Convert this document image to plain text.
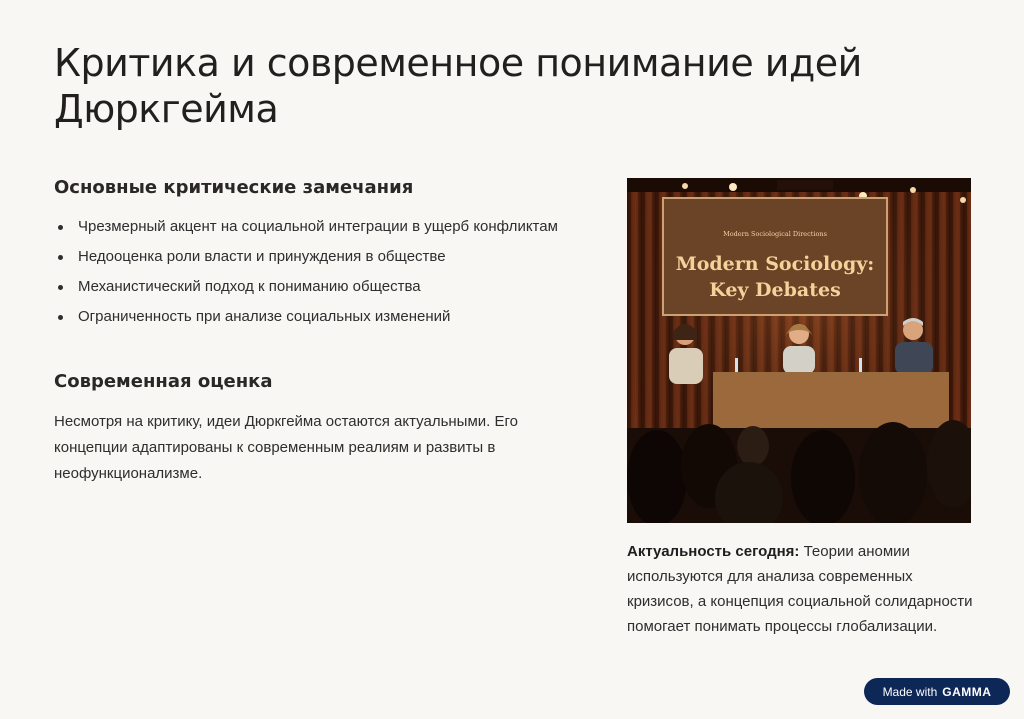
Критика и современное понимание идей Дюркгейма
Основные критические замечания
Чрезмерный акцент на социальной интеграции в ущерб конфликтам
Недооценка роли власти и принуждения в обществе
Механистический подход к пониманию общества
Ограниченность при анализе социальных изменений
Современная оценка

Несмотря на критику, идеи Дюркгейма остаются актуальными. Его концепции адаптированы к современным реалиям и развиты в неофункционализме.

Modern Sociological Directions
Modern Sociology:
Key Debates

Актуальность сегодня: Теории аномии используются для анализа современных кризисов, а концепция социальной солидарности помогает понимать процессы глобализации.

Made with GAMMA
